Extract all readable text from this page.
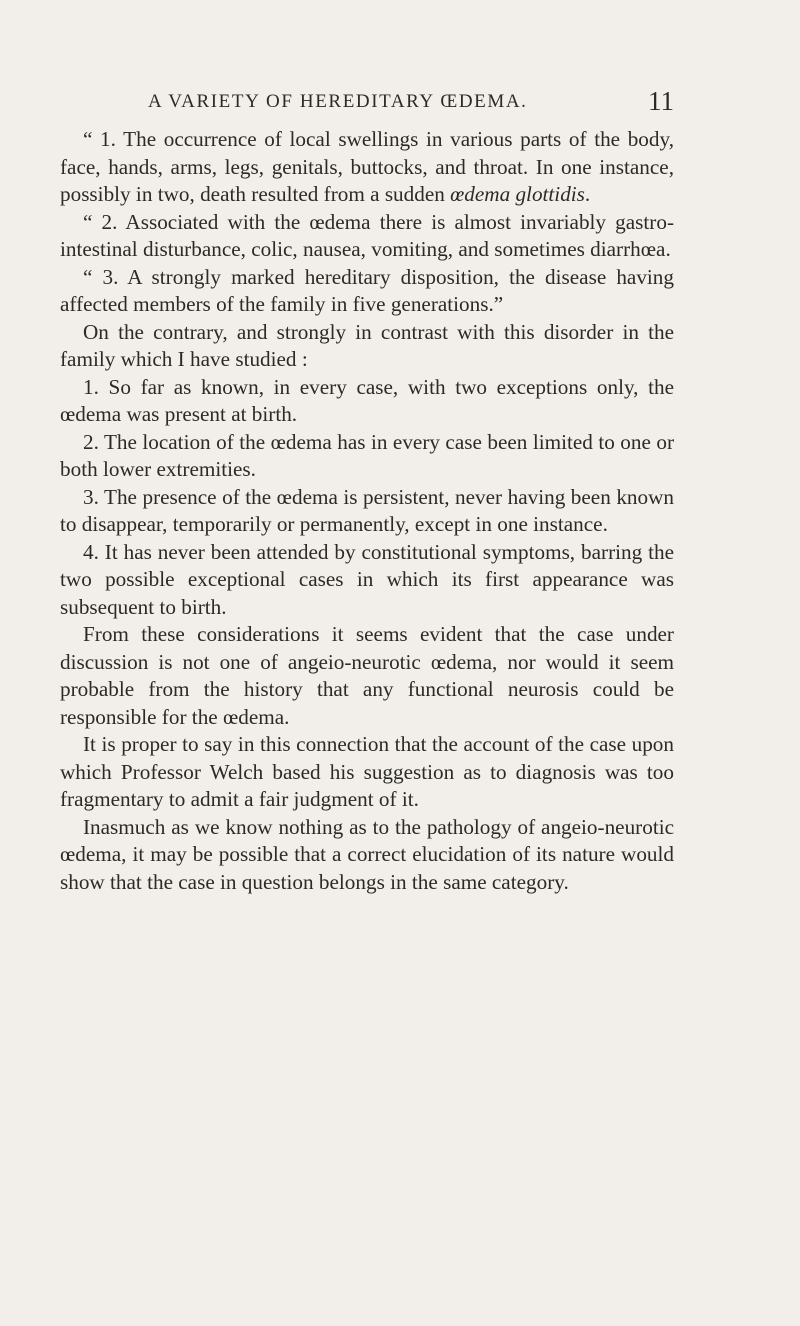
A VARIETY OF HEREDITARY ŒDEMA.	11

“ 1. The occurrence of local swellings in various parts of the body, face, hands, arms, legs, genitals, buttocks, and throat. In one instance, possibly in two, death resulted from a sudden œdema glottidis.

“ 2. Associated with the œdema there is almost invariably gastro-intestinal disturbance, colic, nausea, vomiting, and sometimes diarrhœa.

“ 3. A strongly marked hereditary disposition, the disease having affected members of the family in five generations.”

On the contrary, and strongly in contrast with this disorder in the family which I have studied :

1. So far as known, in every case, with two exceptions only, the œdema was present at birth.

2. The location of the œdema has in every case been limited to one or both lower extremities.

3. The presence of the œdema is persistent, never having been known to disappear, temporarily or permanently, except in one instance.

4. It has never been attended by constitutional symptoms, barring the two possible exceptional cases in which its first appearance was subsequent to birth.

From these considerations it seems evident that the case under discussion is not one of angeio-neurotic œdema, nor would it seem probable from the history that any functional neurosis could be responsible for the œdema.

It is proper to say in this connection that the account of the case upon which Professor Welch based his suggestion as to diagnosis was too fragmentary to admit a fair judgment of it.

Inasmuch as we know nothing as to the pathology of angeio-neurotic œdema, it may be possible that a correct elucidation of its nature would show that the case in question belongs in the same category.
